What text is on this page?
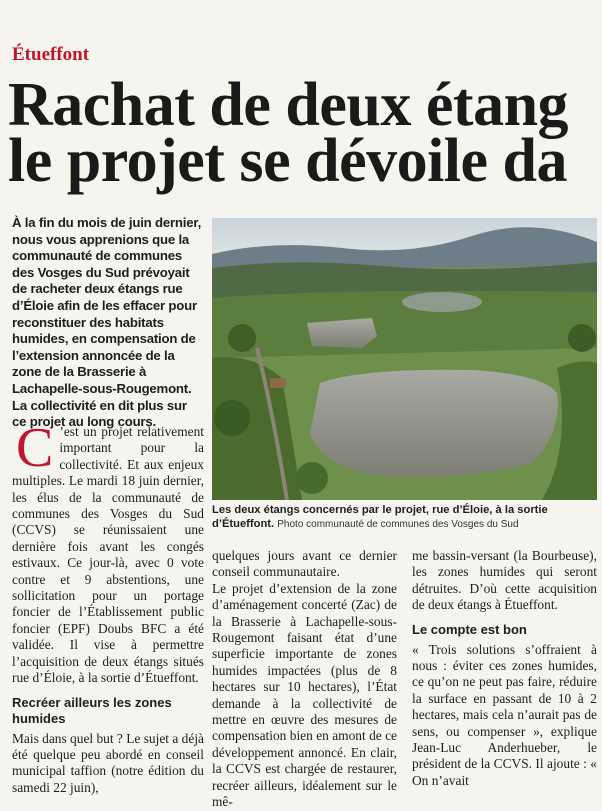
Étueffont
Rachat de deux étang
le projet se dévoile da
À la fin du mois de juin dernier, nous vous apprenions que la communauté de communes des Vosges du Sud prévoyait de racheter deux étangs rue d’Éloie afin de les effacer pour reconstituer des habitats humides, en compensation de l’extension annoncée de la zone de la Brasserie à Lachapelle-sous-Rougemont. La collectivité en dit plus sur ce projet au long cours.
Les deux étangs concernés par le projet, rue d’Éloie, à la sortie d’Étueffont. Photo communauté de communes des Vosges du Sud
C ’est un projet relativement important pour la collectivité. Et aux enjeux multiples. Le mardi 18 juin dernier, les élus de la communauté de communes des Vosges du Sud (CCVS) se réunissaient une dernière fois avant les congés estivaux. Ce jour-là, avec 0 vote contre et 9 abstentions, une sollicitation pour un portage foncier de l’Établissement public foncier (EPF) Doubs BFC a été validée. Il vise à permettre l’acquisition de deux étangs situés rue d’Éloie, à la sortie d’Étueffont.

Recréer ailleurs les zones humides

Mais dans quel but ? Le sujet a déjà été quelque peu abordé en conseil municipal taffion (notre édition du samedi 22 juin),

quelques jours avant ce dernier conseil communautaire.

Le projet d’extension de la zone d’aménagement concerté (Zac) de la Brasserie à Lachapelle-sous-Rougemont faisant état d’une superficie importante de zones humides impactées (plus de 8 hectares sur 10 hectares), l’État demande à la collectivité de mettre en œuvre des mesures de compensation bien en amont de ce développement annoncé. En clair, la CCVS est chargée de restaurer, recréer ailleurs, idéalement sur le mê-

me bassin-versant (la Bourbeuse), les zones humides qui seront détruites. D’où cette acquisition de deux étangs à Étueffont.

Le compte est bon

« Trois solutions s’offraient à nous : éviter ces zones humides, ce qu’on ne peut pas faire, réduire la surface en passant de 10 à 2 hectares, mais cela n’aurait pas de sens, ou compenser », explique Jean-Luc Anderhueber, le président de la CCVS. Il ajoute : « On n’avait
